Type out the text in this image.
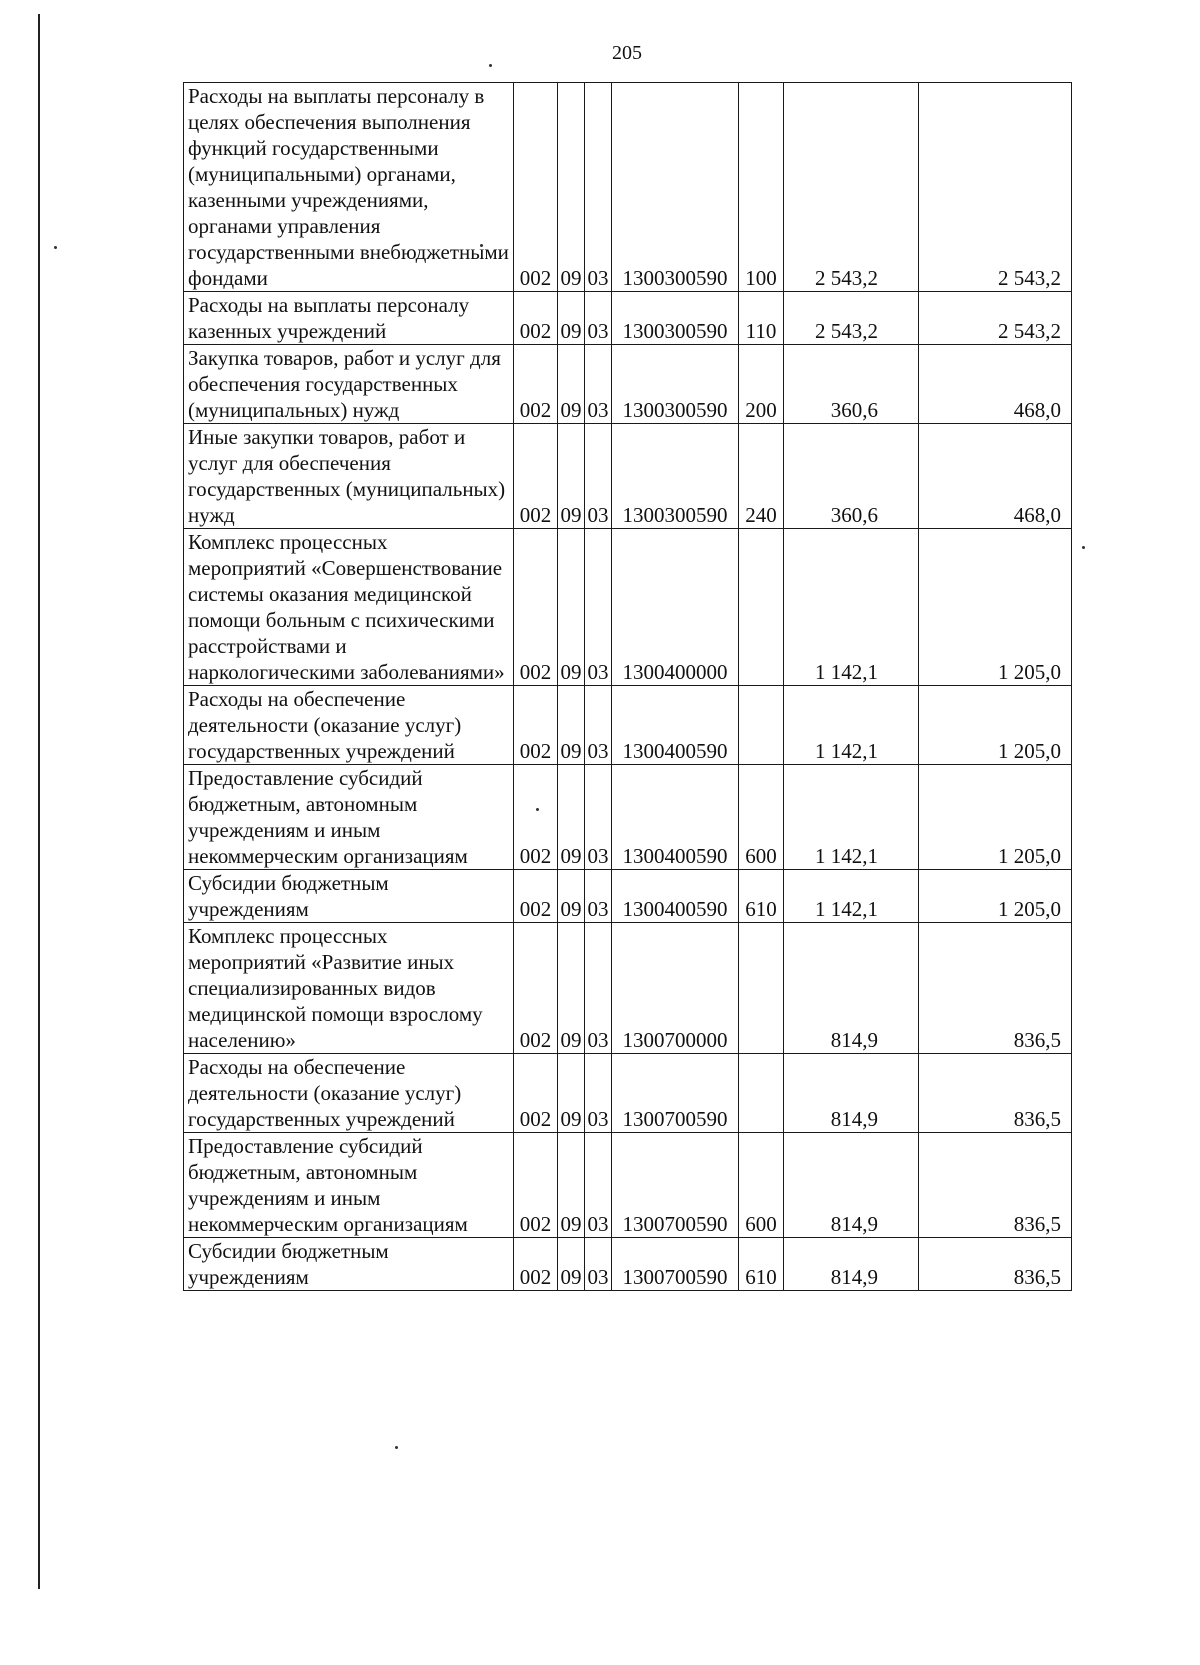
205
Расходы на выплаты персоналу в целях обеспечения выполнения функций государственными (муниципальными) органами, казенными учреждениями, органами управления государственными внебюджетными фондами	002	09	03	1300300590	100	2 543,2	2 543,2
Расходы на выплаты персоналу казенных учреждений	002	09	03	1300300590	110	2 543,2	2 543,2
Закупка товаров, работ и услуг для обеспечения государственных (муниципальных) нужд	002	09	03	1300300590	200	360,6	468,0
Иные закупки товаров, работ и услуг для обеспечения государственных (муниципальных) нужд	002	09	03	1300300590	240	360,6	468,0
Комплекс процессных мероприятий «Совершенствование системы оказания медицинской помощи больным с психическими расстройствами и наркологическими заболеваниями»	002	09	03	1300400000		1 142,1	1 205,0
Расходы на обеспечение деятельности (оказание услуг) государственных учреждений	002	09	03	1300400590		1 142,1	1 205,0
Предоставление субсидий бюджетным, автономным учреждениям и иным некоммерческим организациям	002	09	03	1300400590	600	1 142,1	1 205,0
Субсидии бюджетным учреждениям	002	09	03	1300400590	610	1 142,1	1 205,0
Комплекс процессных мероприятий «Развитие иных специализированных видов медицинской помощи взрослому населению»	002	09	03	1300700000		814,9	836,5
Расходы на обеспечение деятельности (оказание услуг) государственных учреждений	002	09	03	1300700590		814,9	836,5
Предоставление субсидий бюджетным, автономным учреждениям и иным некоммерческим организациям	002	09	03	1300700590	600	814,9	836,5
Субсидии бюджетным учреждениям	002	09	03	1300700590	610	814,9	836,5
